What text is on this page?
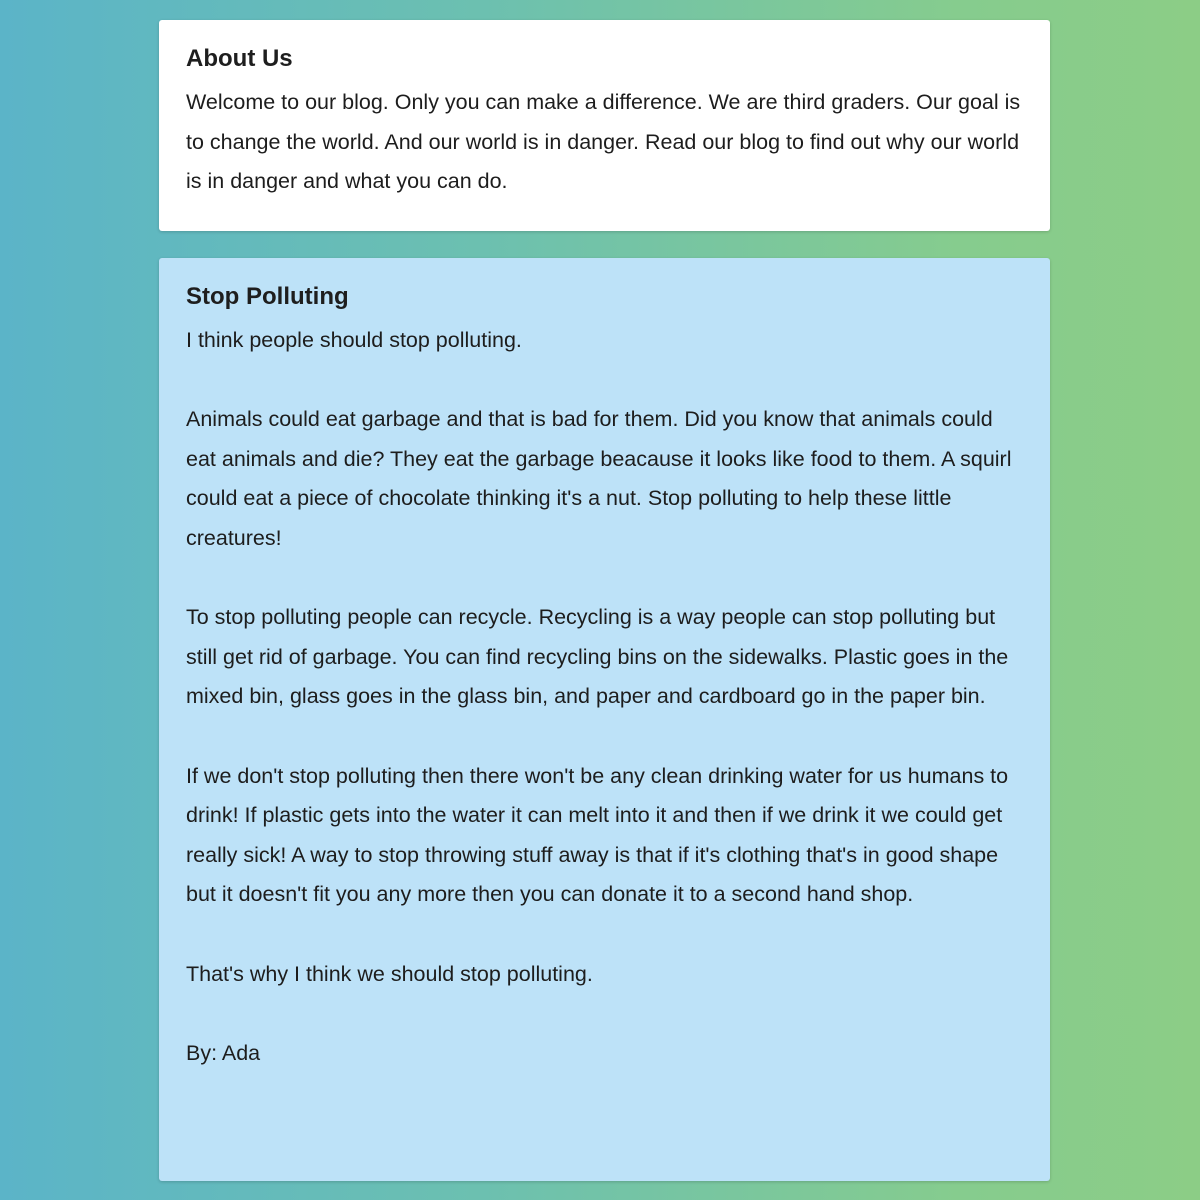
About Us

Welcome to our blog. Only you can make a difference. We are third graders. Our goal is to change the world. And our world is in danger. Read our blog to find out why our world is in danger and what you can do.

Stop Polluting

I think people should stop polluting.

Animals could eat garbage and that is bad for them. Did you know that animals could eat animals and die? They eat the garbage beacause it looks like food to them. A squirl could eat a piece of chocolate thinking it's a nut. Stop polluting to help these little creatures!

To stop polluting people can recycle. Recycling is a way people can stop polluting but still get rid of garbage. You can find recycling bins on the sidewalks. Plastic goes in the mixed bin, glass goes in the glass bin, and paper and cardboard go in the paper bin.

If we don't stop polluting then there won't be any clean drinking water for us humans to drink! If plastic gets into the water it can melt into it and then if we drink it we could get really sick! A way to stop throwing stuff away is that if it's clothing that's in good shape but it doesn't fit you any more then you can donate it to a second hand shop.

That's why I think we should stop polluting.

By: Ada
